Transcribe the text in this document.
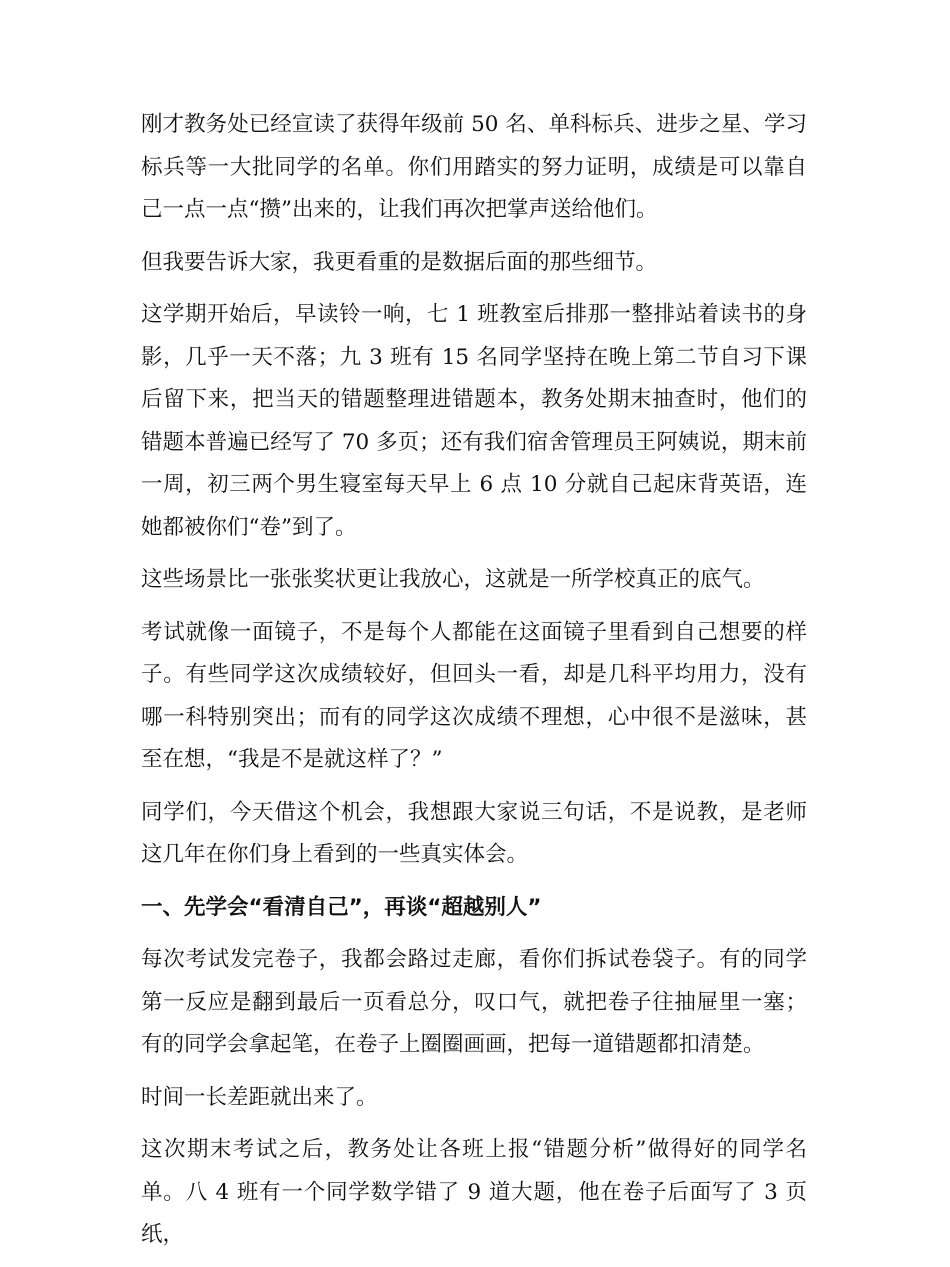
刚才教务处已经宣读了获得年级前 50 名、单科标兵、进步之星、学习标兵等一大批同学的名单。你们用踏实的努力证明，成绩是可以靠自己一点一点“攒”出来的，让我们再次把掌声送给他们。

但我要告诉大家，我更看重的是数据后面的那些细节。

这学期开始后，早读铃一响，七 1 班教室后排那一整排站着读书的身影，几乎一天不落；九 3 班有 15 名同学坚持在晚上第二节自习下课后留下来，把当天的错题整理进错题本，教务处期末抽查时，他们的错题本普遍已经写了 70 多页；还有我们宿舍管理员王阿姨说，期末前一周，初三两个男生寝室每天早上 6 点 10 分就自己起床背英语，连她都被你们“卷”到了。

这些场景比一张张奖状更让我放心，这就是一所学校真正的底气。

考试就像一面镜子，不是每个人都能在这面镜子里看到自己想要的样子。有些同学这次成绩较好，但回头一看，却是几科平均用力，没有哪一科特别突出；而有的同学这次成绩不理想，心中很不是滋味，甚至在想，“我是不是就这样了？”

同学们，今天借这个机会，我想跟大家说三句话，不是说教，是老师这几年在你们身上看到的一些真实体会。

一、先学会“看清自己”，再谈“超越别人”

每次考试发完卷子，我都会路过走廊，看你们拆试卷袋子。有的同学第一反应是翻到最后一页看总分，叹口气，就把卷子往抽屉里一塞；有的同学会拿起笔，在卷子上圈圈画画，把每一道错题都扣清楚。

时间一长差距就出来了。

这次期末考试之后，教务处让各班上报“错题分析”做得好的同学名单。八 4 班有一个同学数学错了 9 道大题，他在卷子后面写了 3 页纸，
